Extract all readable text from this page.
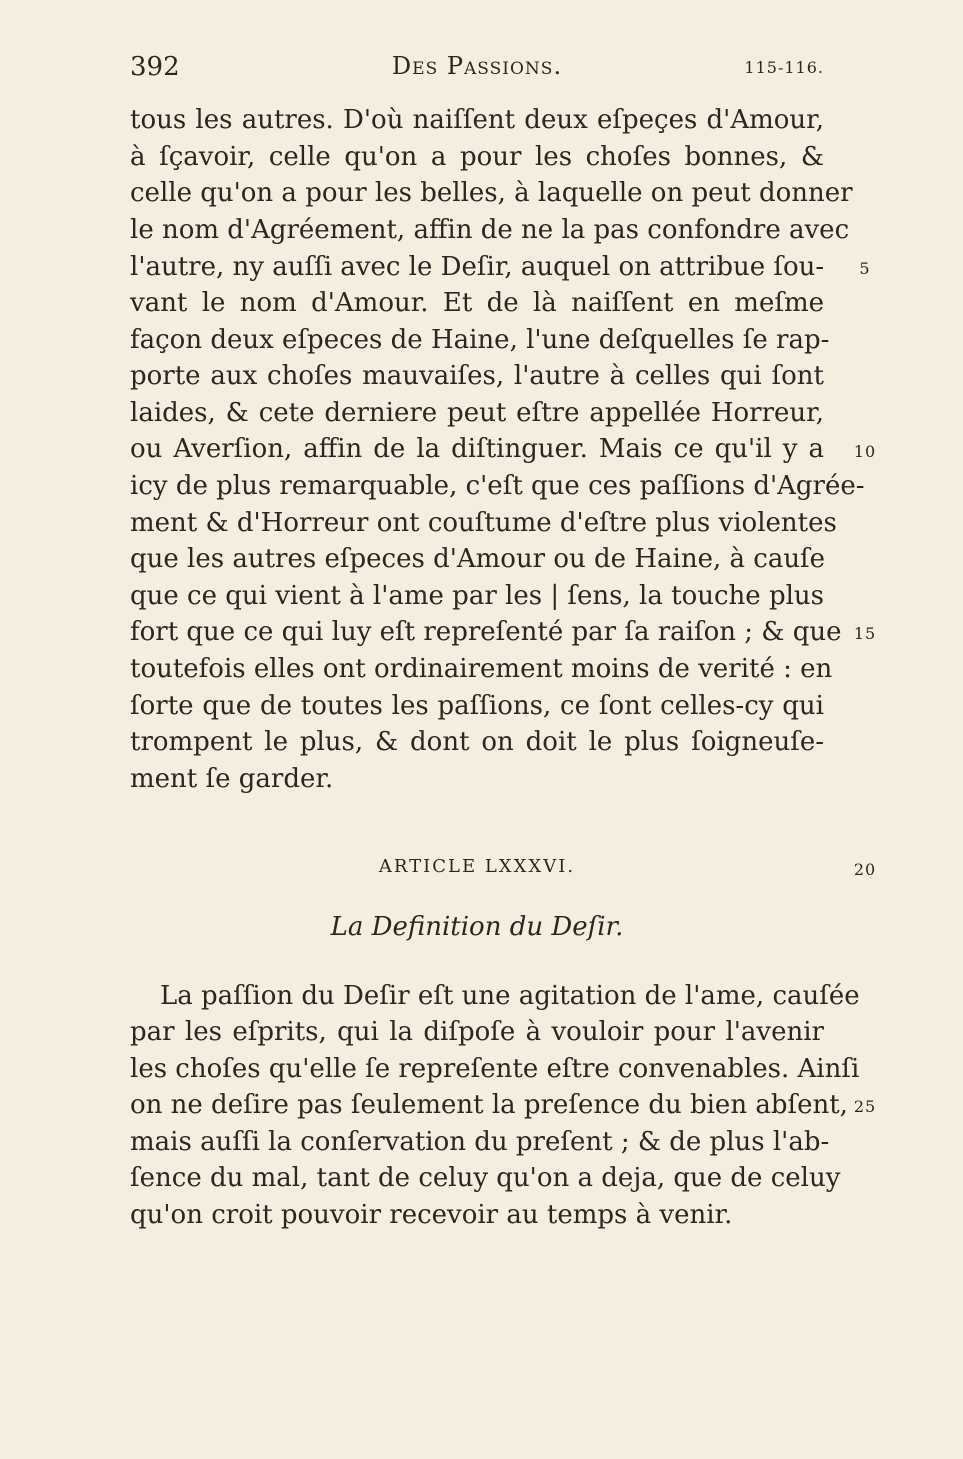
392	Des Passions.	115-116.
tous les autres. D'où naiſſent deux eſpeçes d'Amour,
à ſçavoir, celle qu'on a pour les choſes bonnes, &
celle qu'on a pour les belles, à laquelle on peut donner
le nom d'Agréement, affin de ne la pas confondre avec
l'autre, ny auſſi avec le Deſir, auquel on attribue ſou-
vant le nom d'Amour. Et de là naiſſent en meſme
façon deux eſpeces de Haine, l'une deſquelles ſe rap-
porte aux choſes mauvaiſes, l'autre à celles qui ſont
laides, & cete derniere peut eſtre appellée Horreur,
ou Averſion, affin de la diſtinguer. Mais ce qu'il y a
icy de plus remarquable, c'eſt que ces paſſions d'Agrée-
ment & d'Horreur ont couſtume d'eſtre plus violentes
que les autres eſpeces d'Amour ou de Haine, à cauſe
que ce qui vient à l'ame par les | ſens, la touche plus
fort que ce qui luy eſt repreſenté par ſa raiſon ; & que
toutefois elles ont ordinairement moins de verité : en
ſorte que de toutes les paſſions, ce ſont celles-cy qui
trompent le plus, & dont on doit le plus ſoigneuſe-
ment ſe garder.
ARTICLE LXXXVI.
La Definition du Deſir.
La paſſion du Deſir eſt une agitation de l'ame, cauſée
par les eſprits, qui la diſpoſe à vouloir pour l'avenir
les choſes qu'elle ſe repreſente eſtre convenables. Ainſi
on ne deſire pas ſeulement la preſence du bien abſent,
mais auſſi la conſervation du preſent ; & de plus l'ab-
ſence du mal, tant de celuy qu'on a deja, que de celuy
qu'on croit pouvoir recevoir au temps à venir.
5
10
15
20
25
